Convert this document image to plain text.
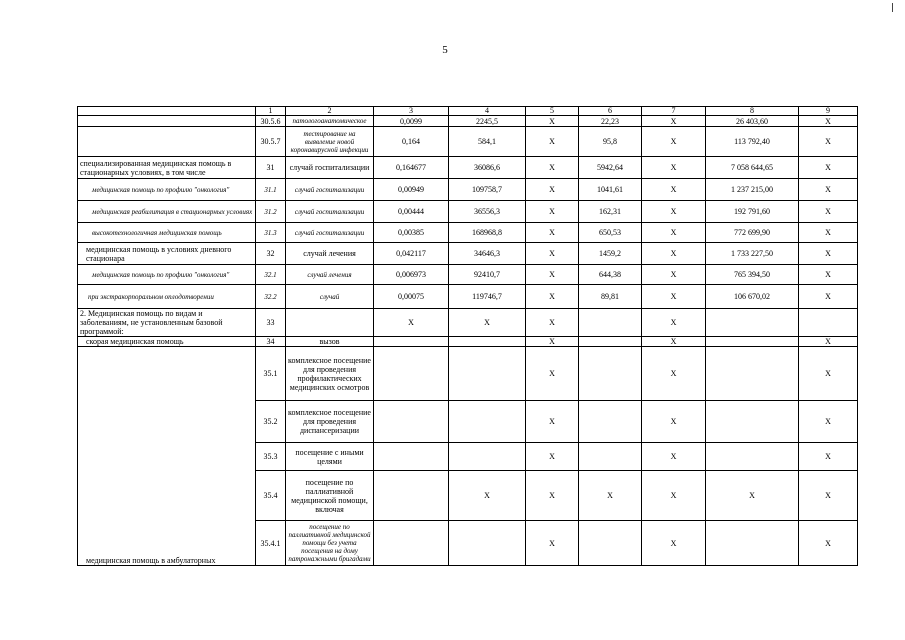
5
	1	2	3	4	5	6	7	8	9
	30.5.6	патологоанатомическое	0,0099	2245,5	Х	22,23	Х	26 403,60	Х
	30.5.7	тестирование на выявление новой коронавирусной инфекции	0,164	584,1	Х	95,8	Х	113 792,40	Х
специализированная медицинская помощь в стационарных условиях, в том числе	31	случай госпитализации	0,164677	36086,6	Х	5942,64	Х	7 058 644,65	Х
медицинская помощь по профилю "онкология"	31.1	случай госпитализации	0,00949	109758,7	Х	1041,61	Х	1 237 215,00	Х
медицинская реабилитация в стационарных условиях	31.2	случай госпитализации	0,00444	36556,3	Х	162,31	Х	192 791,60	Х
высокотехнологичная медицинская помощь	31.3	случай госпитализации	0,00385	168968,8	Х	650,53	Х	772 699,90	Х
медицинская помощь в условиях дневного стационара	32	случай лечения	0,042117	34646,3	Х	1459,2	Х	1 733 227,50	Х
медицинская помощь по профилю "онкология"	32.1	случай лечения	0,006973	92410,7	Х	644,38	Х	765 394,50	Х
при экстракорпоральном оплодотворении	32.2	случай	0,00075	119746,7	Х	89,81	Х	106 670,02	Х
2. Медицинская помощь по видам и заболеваниям, не установленным базовой программой:	33		Х	Х	Х		Х		
скорая медицинская помощь	34	вызов			Х		Х		Х
медицинская помощь в амбулаторных	35.1	комплексное посещение для проведения профилактических медицинских осмотров			Х		Х		Х
	35.2	комплексное посещение для проведения диспансеризации			Х		Х		Х
	35.3	посещение с иными целями			Х		Х		Х
	35.4	посещение по паллиативной медицинской помощи, включая		Х	Х	Х	Х	Х	Х
	35.4.1	посещение по паллиативной медицинской помощи без учета посещения на дому патронажными бригадами			Х		Х		Х
